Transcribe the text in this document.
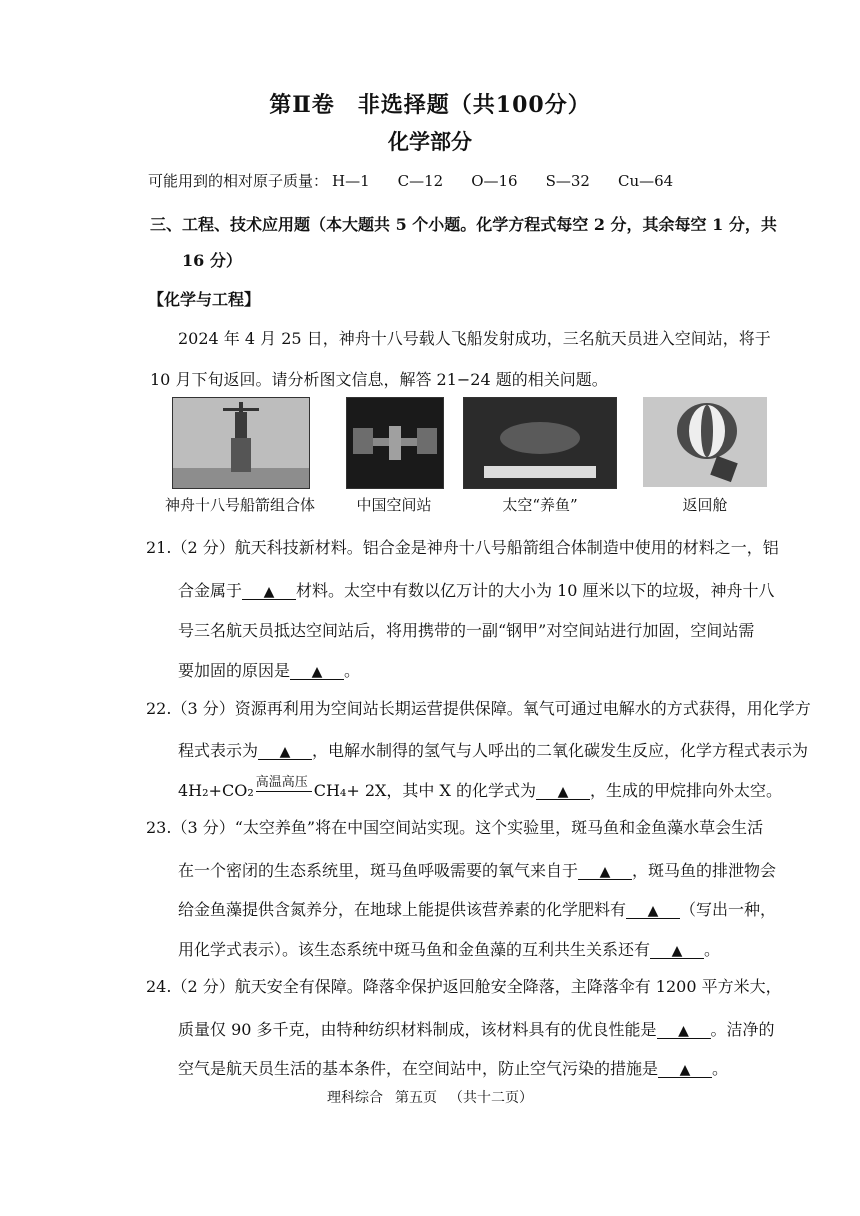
第Ⅱ卷　非选择题（共100分）
化学部分
可能用到的相对原子质量： H—1 C—12 O—16 S—32 Cu—64
三、工程、技术应用题（本大题共 5 个小题。化学方程式每空 2 分，其余每空 1 分，共
16 分）
【化学与工程】
2024 年 4 月 25 日，神舟十八号载人飞船发射成功，三名航天员进入空间站，将于
10 月下旬返回。请分析图文信息，解答 21−24 题的相关问题。
神舟十八号船箭组合体	中国空间站	太空“养鱼”	返回舱
21.（2 分）航天科技新材料。铝合金是神舟十八号船箭组合体制造中使用的材料之一，铝
合金属于 ▲ 材料。太空中有数以亿万计的大小为 10 厘米以下的垃圾，神舟十八
号三名航天员抵达空间站后，将用携带的一副“钢甲”对空间站进行加固，空间站需
要加固的原因是 ▲ 。
22.（3 分）资源再利用为空间站长期运营提供保障。氧气可通过电解水的方式获得，用化学方
程式表示为 ▲ ，电解水制得的氢气与人呼出的二氧化碳发生反应，化学方程式表示为
4H₂+CO₂ 高温高压 CH₄+ 2X，其中 X 的化学式为 ▲ ，生成的甲烷排向外太空。
23.（3 分）“太空养鱼”将在中国空间站实现。这个实验里，斑马鱼和金鱼藻水草会生活
在一个密闭的生态系统里，斑马鱼呼吸需要的氧气来自于 ▲ ，斑马鱼的排泄物会
给金鱼藻提供含氮养分，在地球上能提供该营养素的化学肥料有 ▲ （写出一种，
用化学式表示）。该生态系统中斑马鱼和金鱼藻的互利共生关系还有 ▲ 。
24.（2 分）航天安全有保障。降落伞保护返回舱安全降落，主降落伞有 1200 平方米大，
质量仅 90 多千克，由特种纺织材料制成，该材料具有的优良性能是 ▲ 。洁净的
空气是航天员生活的基本条件，在空间站中，防止空气污染的措施是 ▲ 。
理科综合 第五页 （共十二页）
